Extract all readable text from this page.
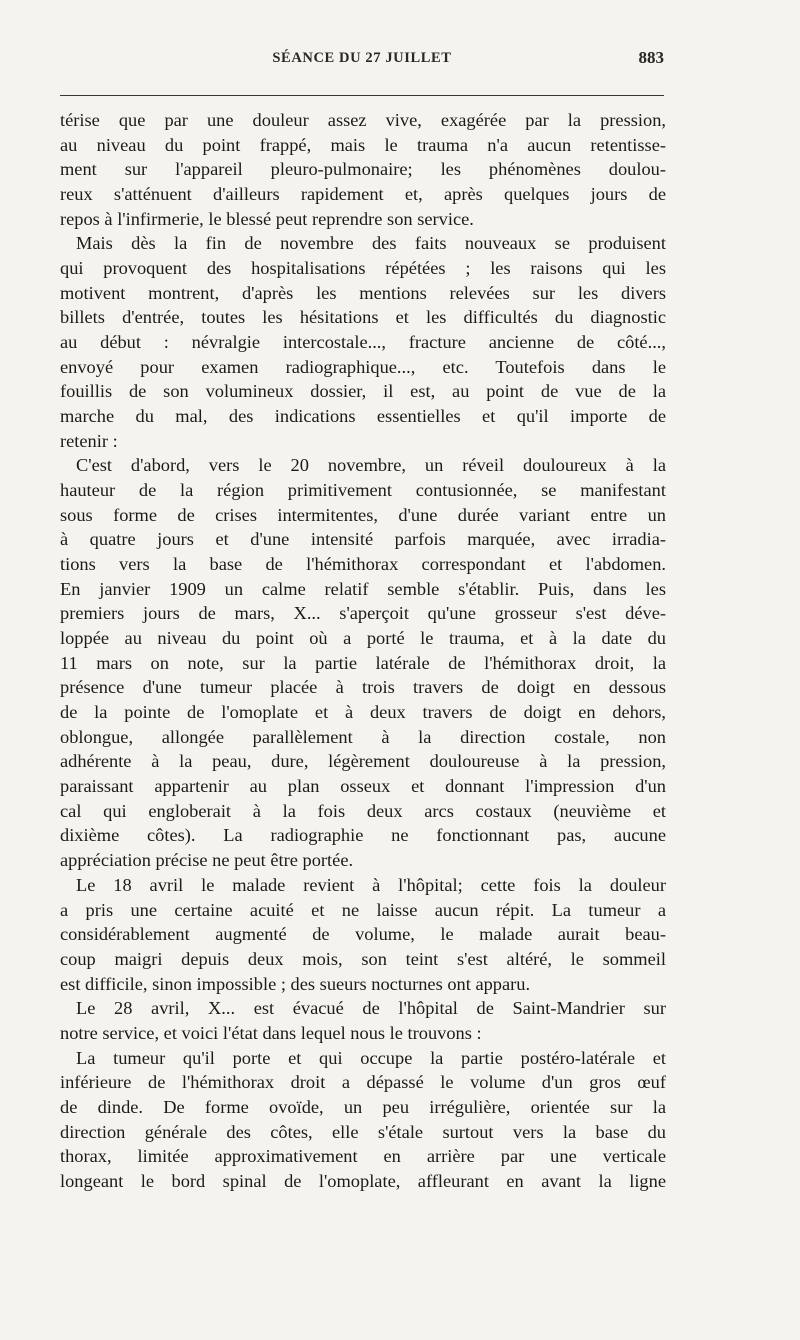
SÉANCE DU 27 JUILLET	883
térise que par une douleur assez vive, exagérée par la pression,
au niveau du point frappé, mais le trauma n'a aucun retentisse-
ment sur l'appareil pleuro-pulmonaire; les phénomènes doulou-
reux s'atténuent d'ailleurs rapidement et, après quelques jours de
repos à l'infirmerie, le blessé peut reprendre son service.
Mais dès la fin de novembre des faits nouveaux se produisent
qui provoquent des hospitalisations répétées ; les raisons qui les
motivent montrent, d'après les mentions relevées sur les divers
billets d'entrée, toutes les hésitations et les difficultés du diagnostic
au début : névralgie intercostale..., fracture ancienne de côté...,
envoyé pour examen radiographique..., etc. Toutefois dans le
fouillis de son volumineux dossier, il est, au point de vue de la
marche du mal, des indications essentielles et qu'il importe de
retenir :
C'est d'abord, vers le 20 novembre, un réveil douloureux à la
hauteur de la région primitivement contusionnée, se manifestant
sous forme de crises intermitentes, d'une durée variant entre un
à quatre jours et d'une intensité parfois marquée, avec irradia-
tions vers la base de l'hémithorax correspondant et l'abdomen.
En janvier 1909 un calme relatif semble s'établir. Puis, dans les
premiers jours de mars, X... s'aperçoit qu'une grosseur s'est déve-
loppée au niveau du point où a porté le trauma, et à la date du
11 mars on note, sur la partie latérale de l'hémithorax droit, la
présence d'une tumeur placée à trois travers de doigt en dessous
de la pointe de l'omoplate et à deux travers de doigt en dehors,
oblongue, allongée parallèlement à la direction costale, non
adhérente à la peau, dure, légèrement douloureuse à la pression,
paraissant appartenir au plan osseux et donnant l'impression d'un
cal qui engloberait à la fois deux arcs costaux (neuvième et
dixième côtes). La radiographie ne fonctionnant pas, aucune
appréciation précise ne peut être portée.
Le 18 avril le malade revient à l'hôpital; cette fois la douleur
a pris une certaine acuité et ne laisse aucun répit. La tumeur a
considérablement augmenté de volume, le malade aurait beau-
coup maigri depuis deux mois, son teint s'est altéré, le sommeil
est difficile, sinon impossible ; des sueurs nocturnes ont apparu.
Le 28 avril, X... est évacué de l'hôpital de Saint-Mandrier sur
notre service, et voici l'état dans lequel nous le trouvons :
La tumeur qu'il porte et qui occupe la partie postéro-latérale et
inférieure de l'hémithorax droit a dépassé le volume d'un gros œuf
de dinde. De forme ovoïde, un peu irrégulière, orientée sur la
direction générale des côtes, elle s'étale surtout vers la base du
thorax, limitée approximativement en arrière par une verticale
longeant le bord spinal de l'omoplate, affleurant en avant la ligne
